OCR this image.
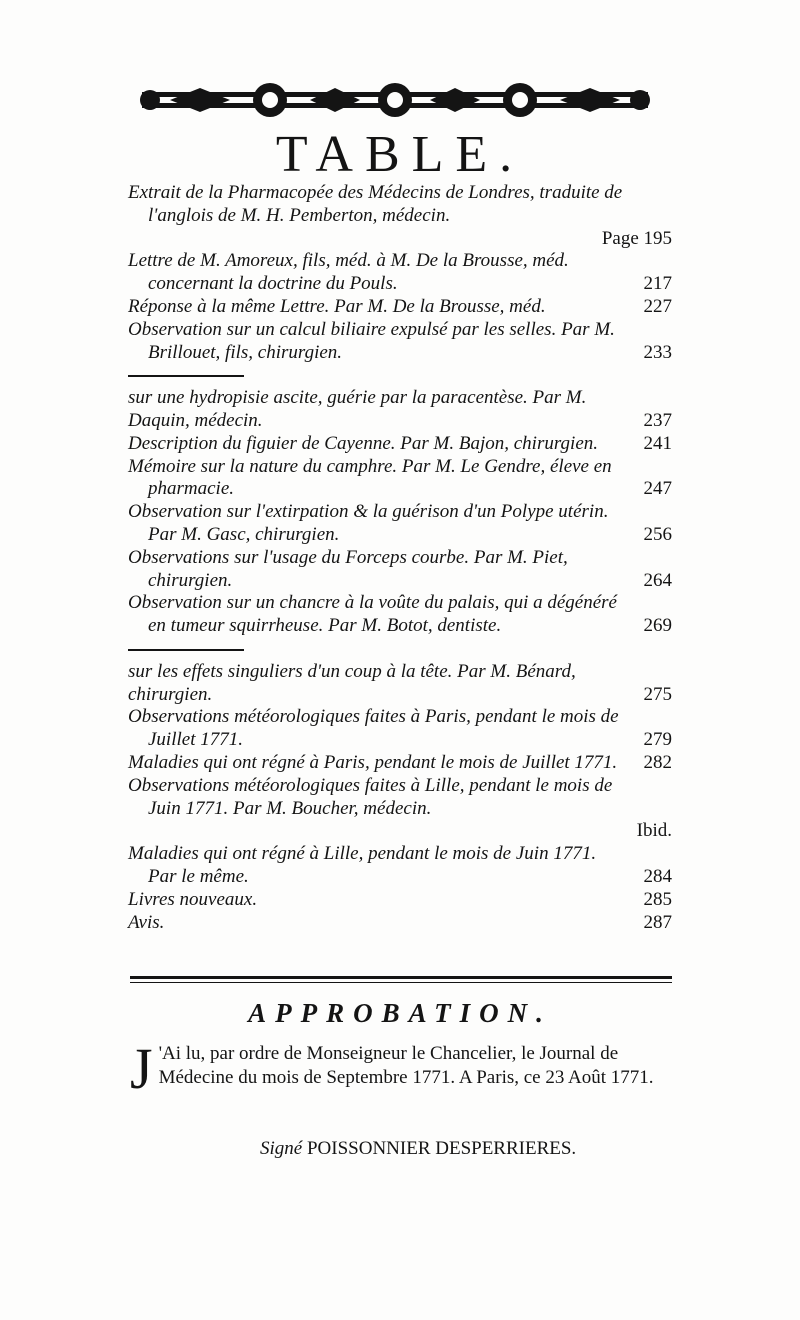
TABLE.
Extrait de la Pharmacopée des Médecins de Londres, traduite de l'anglois de M. H. Pemberton, médecin.
Page 195
Lettre de M. Amoreux, fils, méd. à M. De la Brousse, méd. concernant la doctrine du Pouls.	217
Réponse à la même Lettre. Par M. De la Brousse, méd.	227
Observation sur un calcul biliaire expulsé par les selles. Par M. Brillouet, fils, chirurgien.	233
sur une hydropisie ascite, guérie par la paracentèse. Par M. Daquin, médecin.	237
Description du figuier de Cayenne. Par M. Bajon, chirurgien.	241
Mémoire sur la nature du camphre. Par M. Le Gendre, éleve en pharmacie.	247
Observation sur l'extirpation & la guérison d'un Polype utérin. Par M. Gasc, chirurgien.	256
Observations sur l'usage du Forceps courbe. Par M. Piet, chirurgien.	264
Observation sur un chancre à la voûte du palais, qui a dégénéré en tumeur squirrheuse. Par M. Botot, dentiste.	269
sur les effets singuliers d'un coup à la tête. Par M. Bénard, chirurgien.	275
Observations météorologiques faites à Paris, pendant le mois de Juillet 1771.	279
Maladies qui ont régné à Paris, pendant le mois de Juillet 1771.	282
Observations météorologiques faites à Lille, pendant le mois de Juin 1771. Par M. Boucher, médecin.
Ibid.
Maladies qui ont régné à Lille, pendant le mois de Juin 1771. Par le même.	284
Livres nouveaux.	285
Avis.	287
APPROBATION.
J 'Ai lu, par ordre de Monseigneur le Chancelier, le Journal de Médecine du mois de Septembre 1771. A Paris, ce 23 Août 1771.
Signé POISSONNIER DESPERRIERES.
